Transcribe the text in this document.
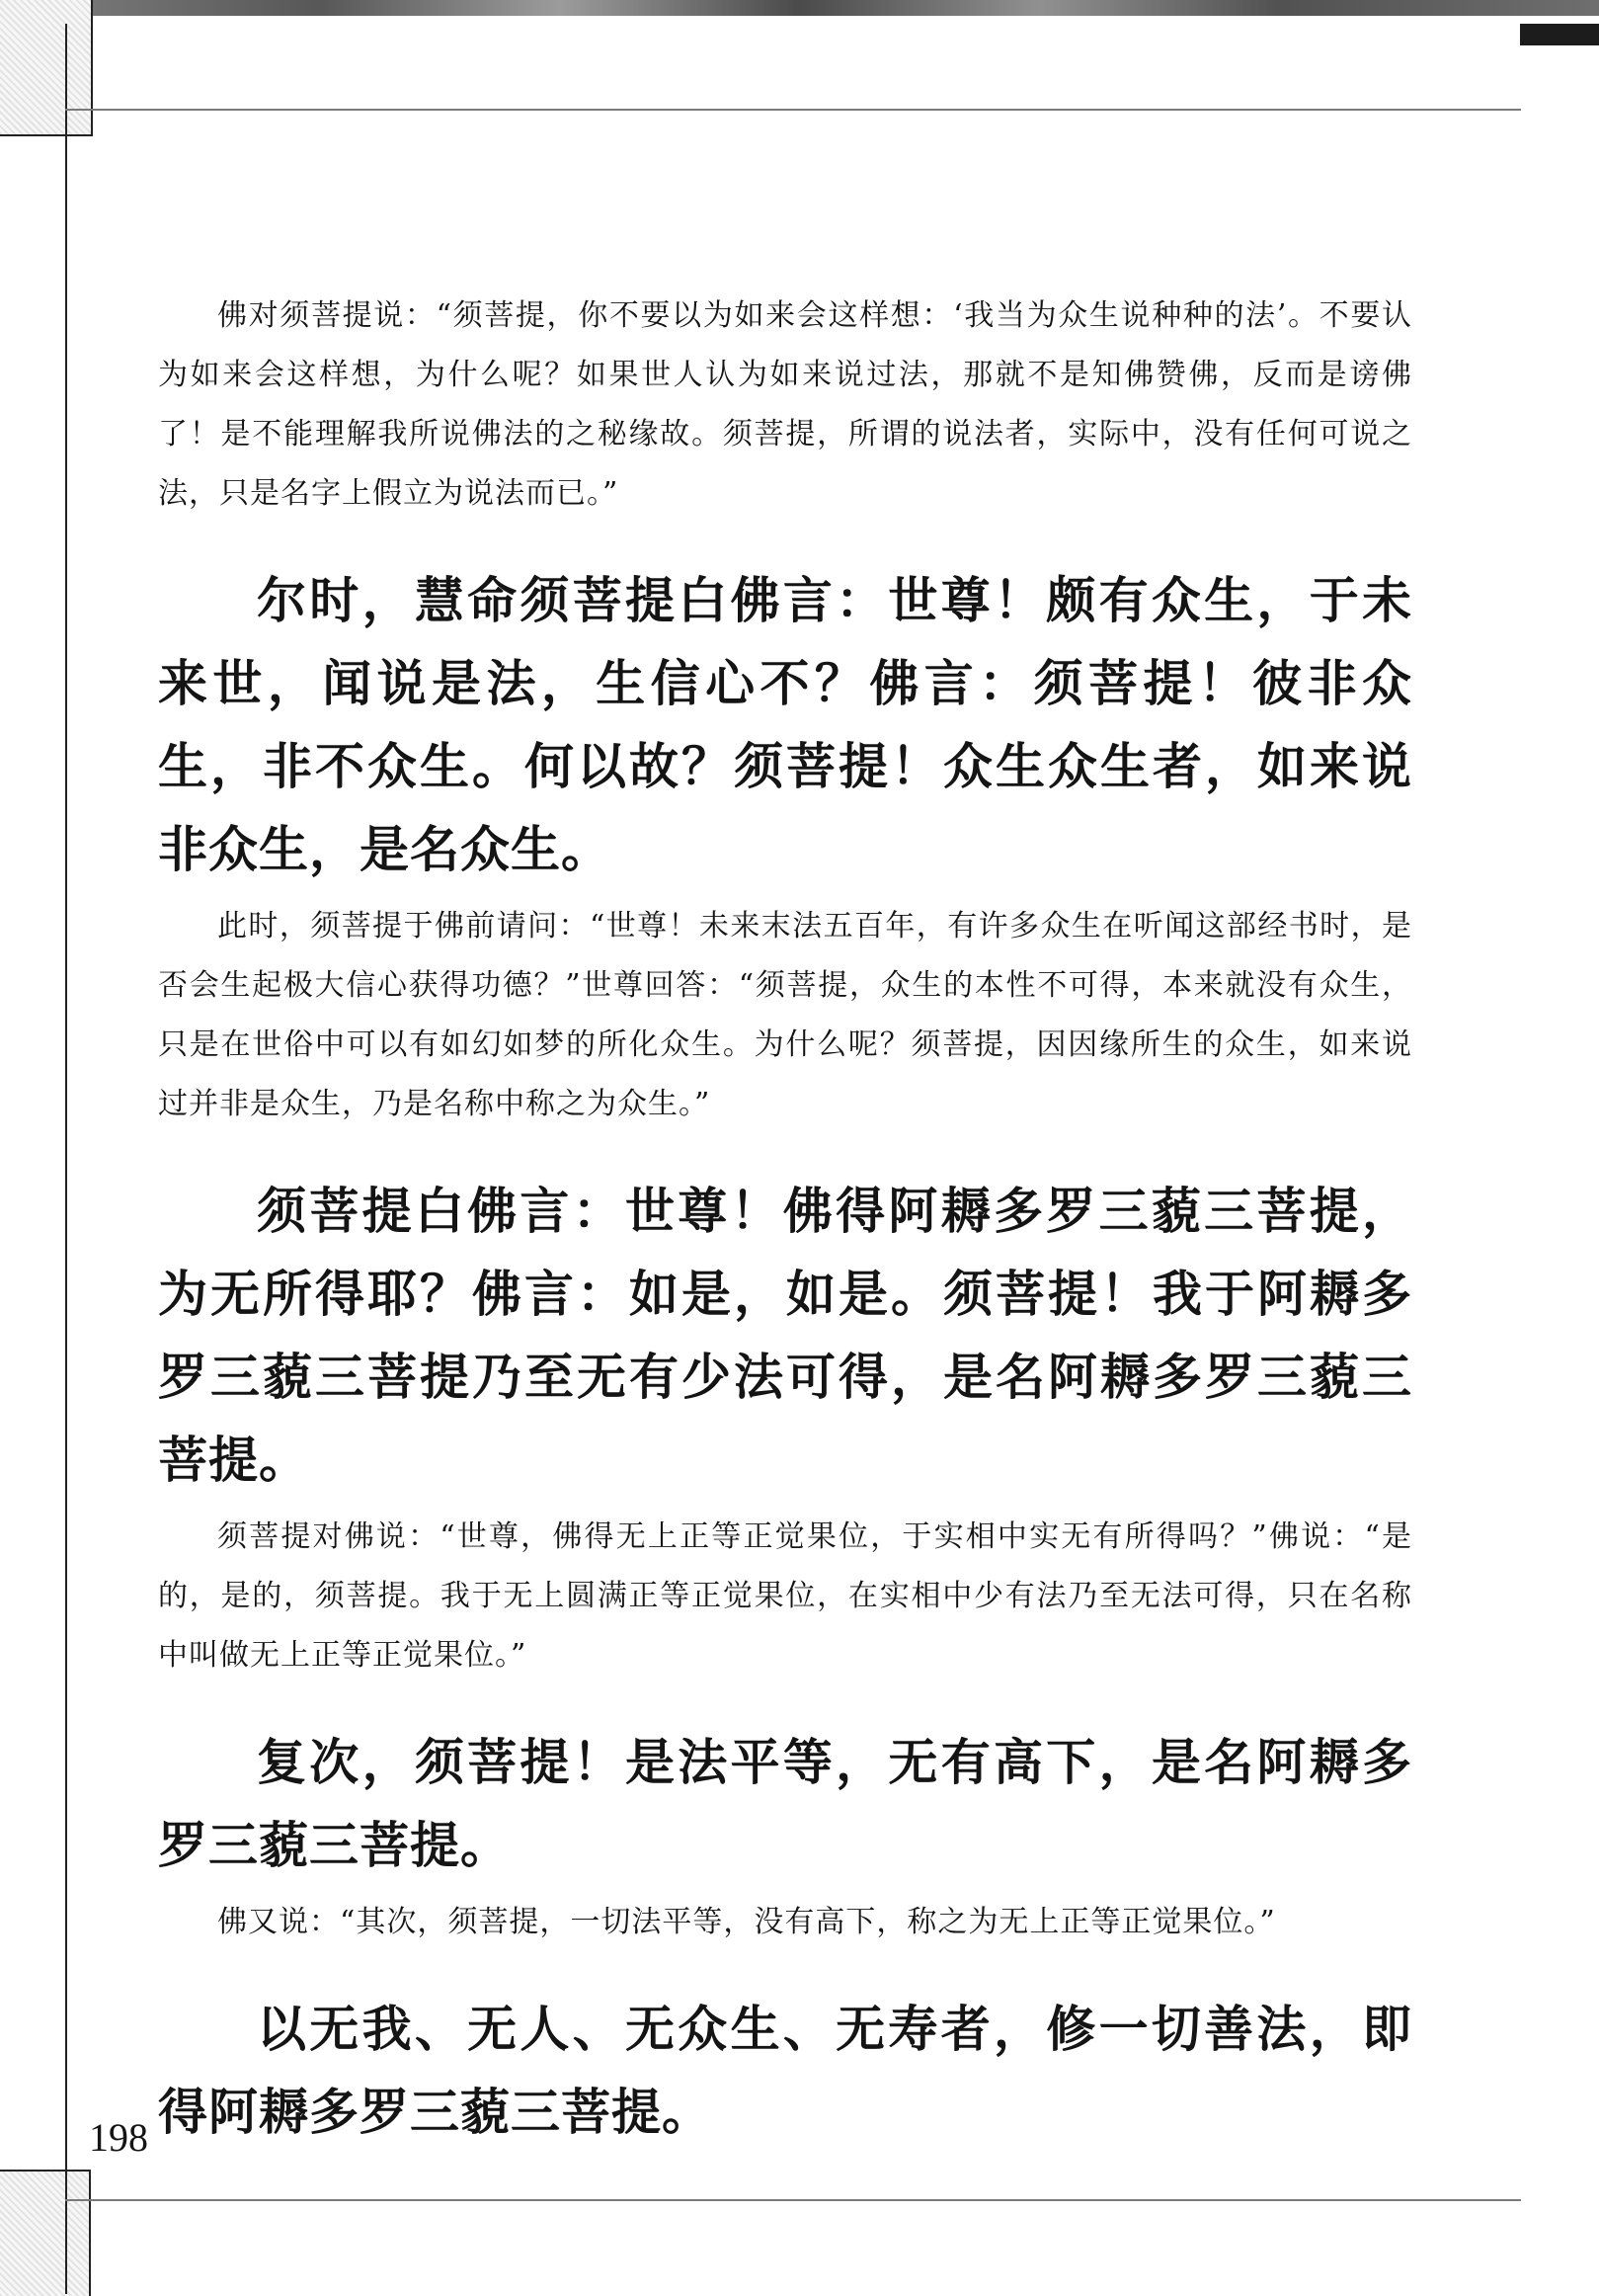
佛对须菩提说：“须菩提，你不要以为如来会这样想：‘我当为众生说种种的法’。不要认为如来会这样想，为什么呢？如果世人认为如来说过法，那就不是知佛赞佛，反而是谤佛了！是不能理解我所说佛法的之秘缘故。须菩提，所谓的说法者，实际中，没有任何可说之法，只是名字上假立为说法而已。”

尔时，慧命须菩提白佛言：世尊！颇有众生，于未来世，闻说是法，生信心不？佛言：须菩提！彼非众生，非不众生。何以故？须菩提！众生众生者，如来说非众生，是名众生。

此时，须菩提于佛前请问：“世尊！未来末法五百年，有许多众生在听闻这部经书时，是否会生起极大信心获得功德？”世尊回答：“须菩提，众生的本性不可得，本来就没有众生，只是在世俗中可以有如幻如梦的所化众生。为什么呢？须菩提，因因缘所生的众生，如来说过并非是众生，乃是名称中称之为众生。”

须菩提白佛言：世尊！佛得阿耨多罗三藐三菩提，为无所得耶？佛言：如是，如是。须菩提！我于阿耨多罗三藐三菩提乃至无有少法可得，是名阿耨多罗三藐三菩提。

须菩提对佛说：“世尊，佛得无上正等正觉果位，于实相中实无有所得吗？”佛说：“是的，是的，须菩提。我于无上圆满正等正觉果位，在实相中少有法乃至无法可得，只在名称中叫做无上正等正觉果位。”

复次，须菩提！是法平等，无有高下，是名阿耨多罗三藐三菩提。

佛又说：“其次，须菩提，一切法平等，没有高下，称之为无上正等正觉果位。”

以无我、无人、无众生、无寿者，修一切善法，即得阿耨多罗三藐三菩提。

198
